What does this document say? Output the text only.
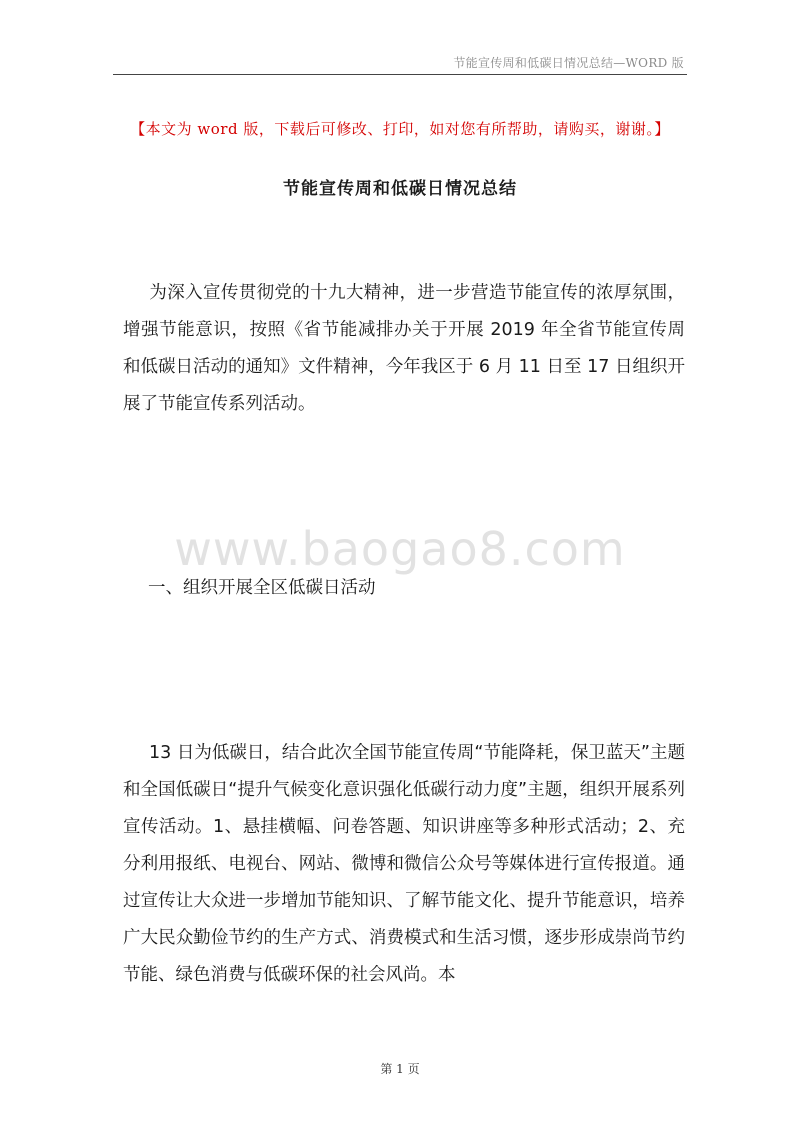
节能宣传周和低碳日情况总结—WORD 版
【本文为 word 版，下载后可修改、打印，如对您有所帮助，请购买，谢谢。】
节能宣传周和低碳日情况总结
为深入宣传贯彻党的十九大精神，进一步营造节能宣传的浓厚氛围，增强节能意识，按照《省节能减排办关于开展 2019 年全省节能宣传周和低碳日活动的通知》文件精神，今年我区于 6 月 11 日至 17 日组织开展了节能宣传系列活动。
www.baogao8.com
一、组织开展全区低碳日活动
13 日为低碳日，结合此次全国节能宣传周“节能降耗，保卫蓝天”主题和全国低碳日“提升气候变化意识强化低碳行动力度”主题，组织开展系列宣传活动。1、悬挂横幅、问卷答题、知识讲座等多种形式活动；2、充分利用报纸、电视台、网站、微博和微信公众号等媒体进行宣传报道。通过宣传让大众进一步增加节能知识、了解节能文化、提升节能意识，培养广大民众勤俭节约的生产方式、消费模式和生活习惯，逐步形成崇尚节约节能、绿色消费与低碳环保的社会风尚。本
第 1 页
